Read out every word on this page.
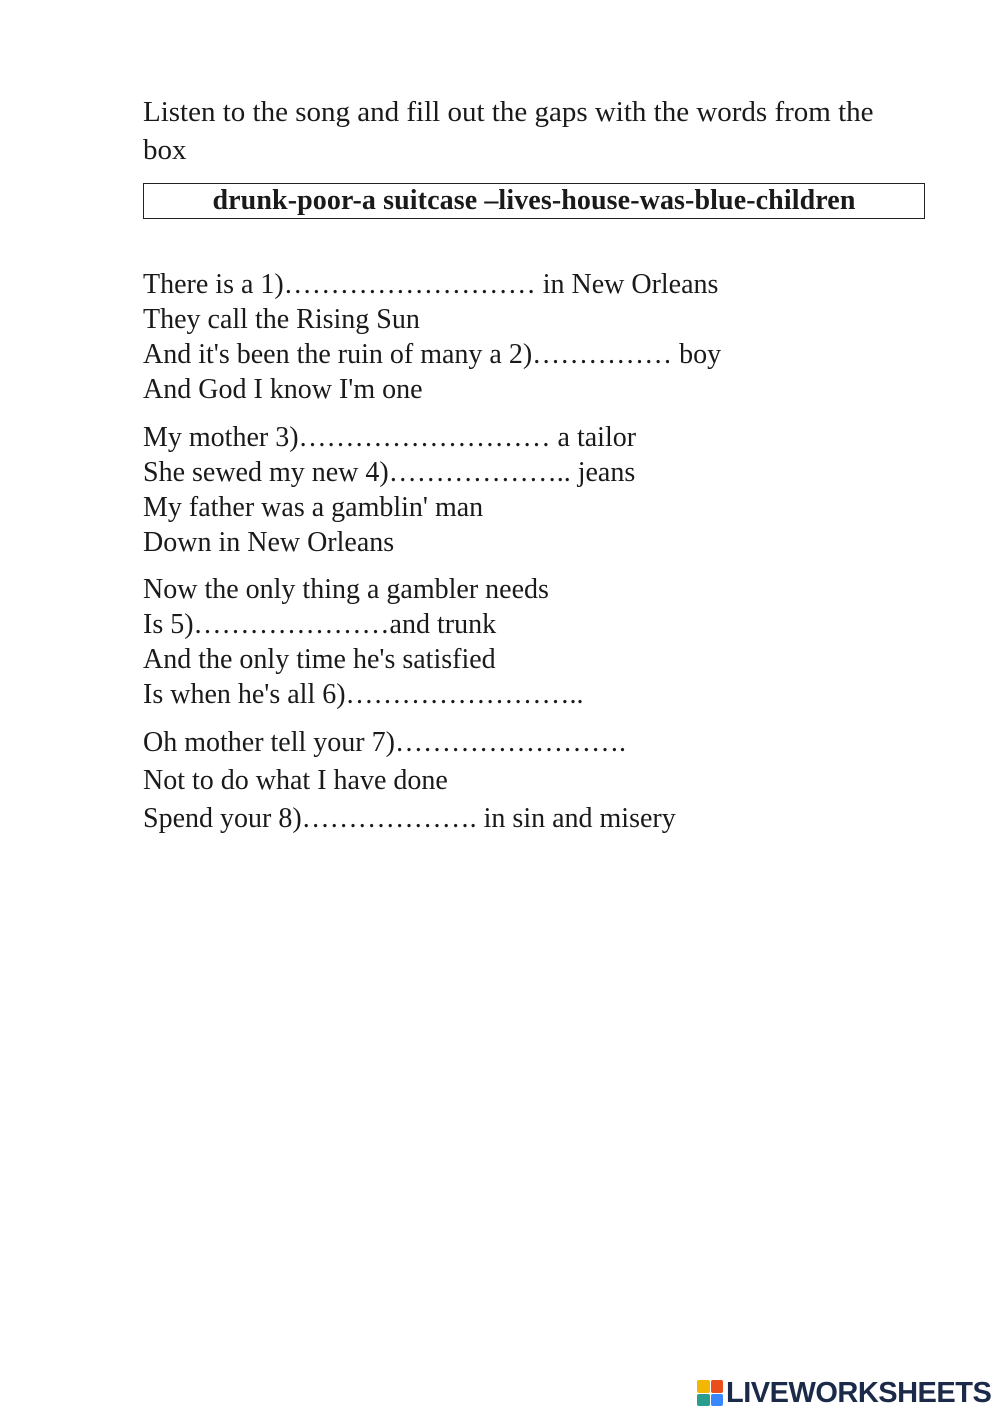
Listen to the song and fill out the gaps with the words from the box
drunk-poor-a suitcase –lives-house-was-blue-children
There is a 1)……………………… in New Orleans
They call the Rising Sun
And it's been the ruin of many a 2)…………… boy
And God I know I'm one
My mother 3)……………………… a tailor
She sewed my new 4)……………….. jeans
My father was a gamblin' man
Down in New Orleans
Now the only thing a gambler needs
Is 5)…………………and trunk
And the only time he's satisfied
Is when he's all 6)……………………..
Oh mother tell your 7)…………………….
Not to do what I have done
Spend your 8)………………. in sin and misery
LIVEWORKSHEETS
